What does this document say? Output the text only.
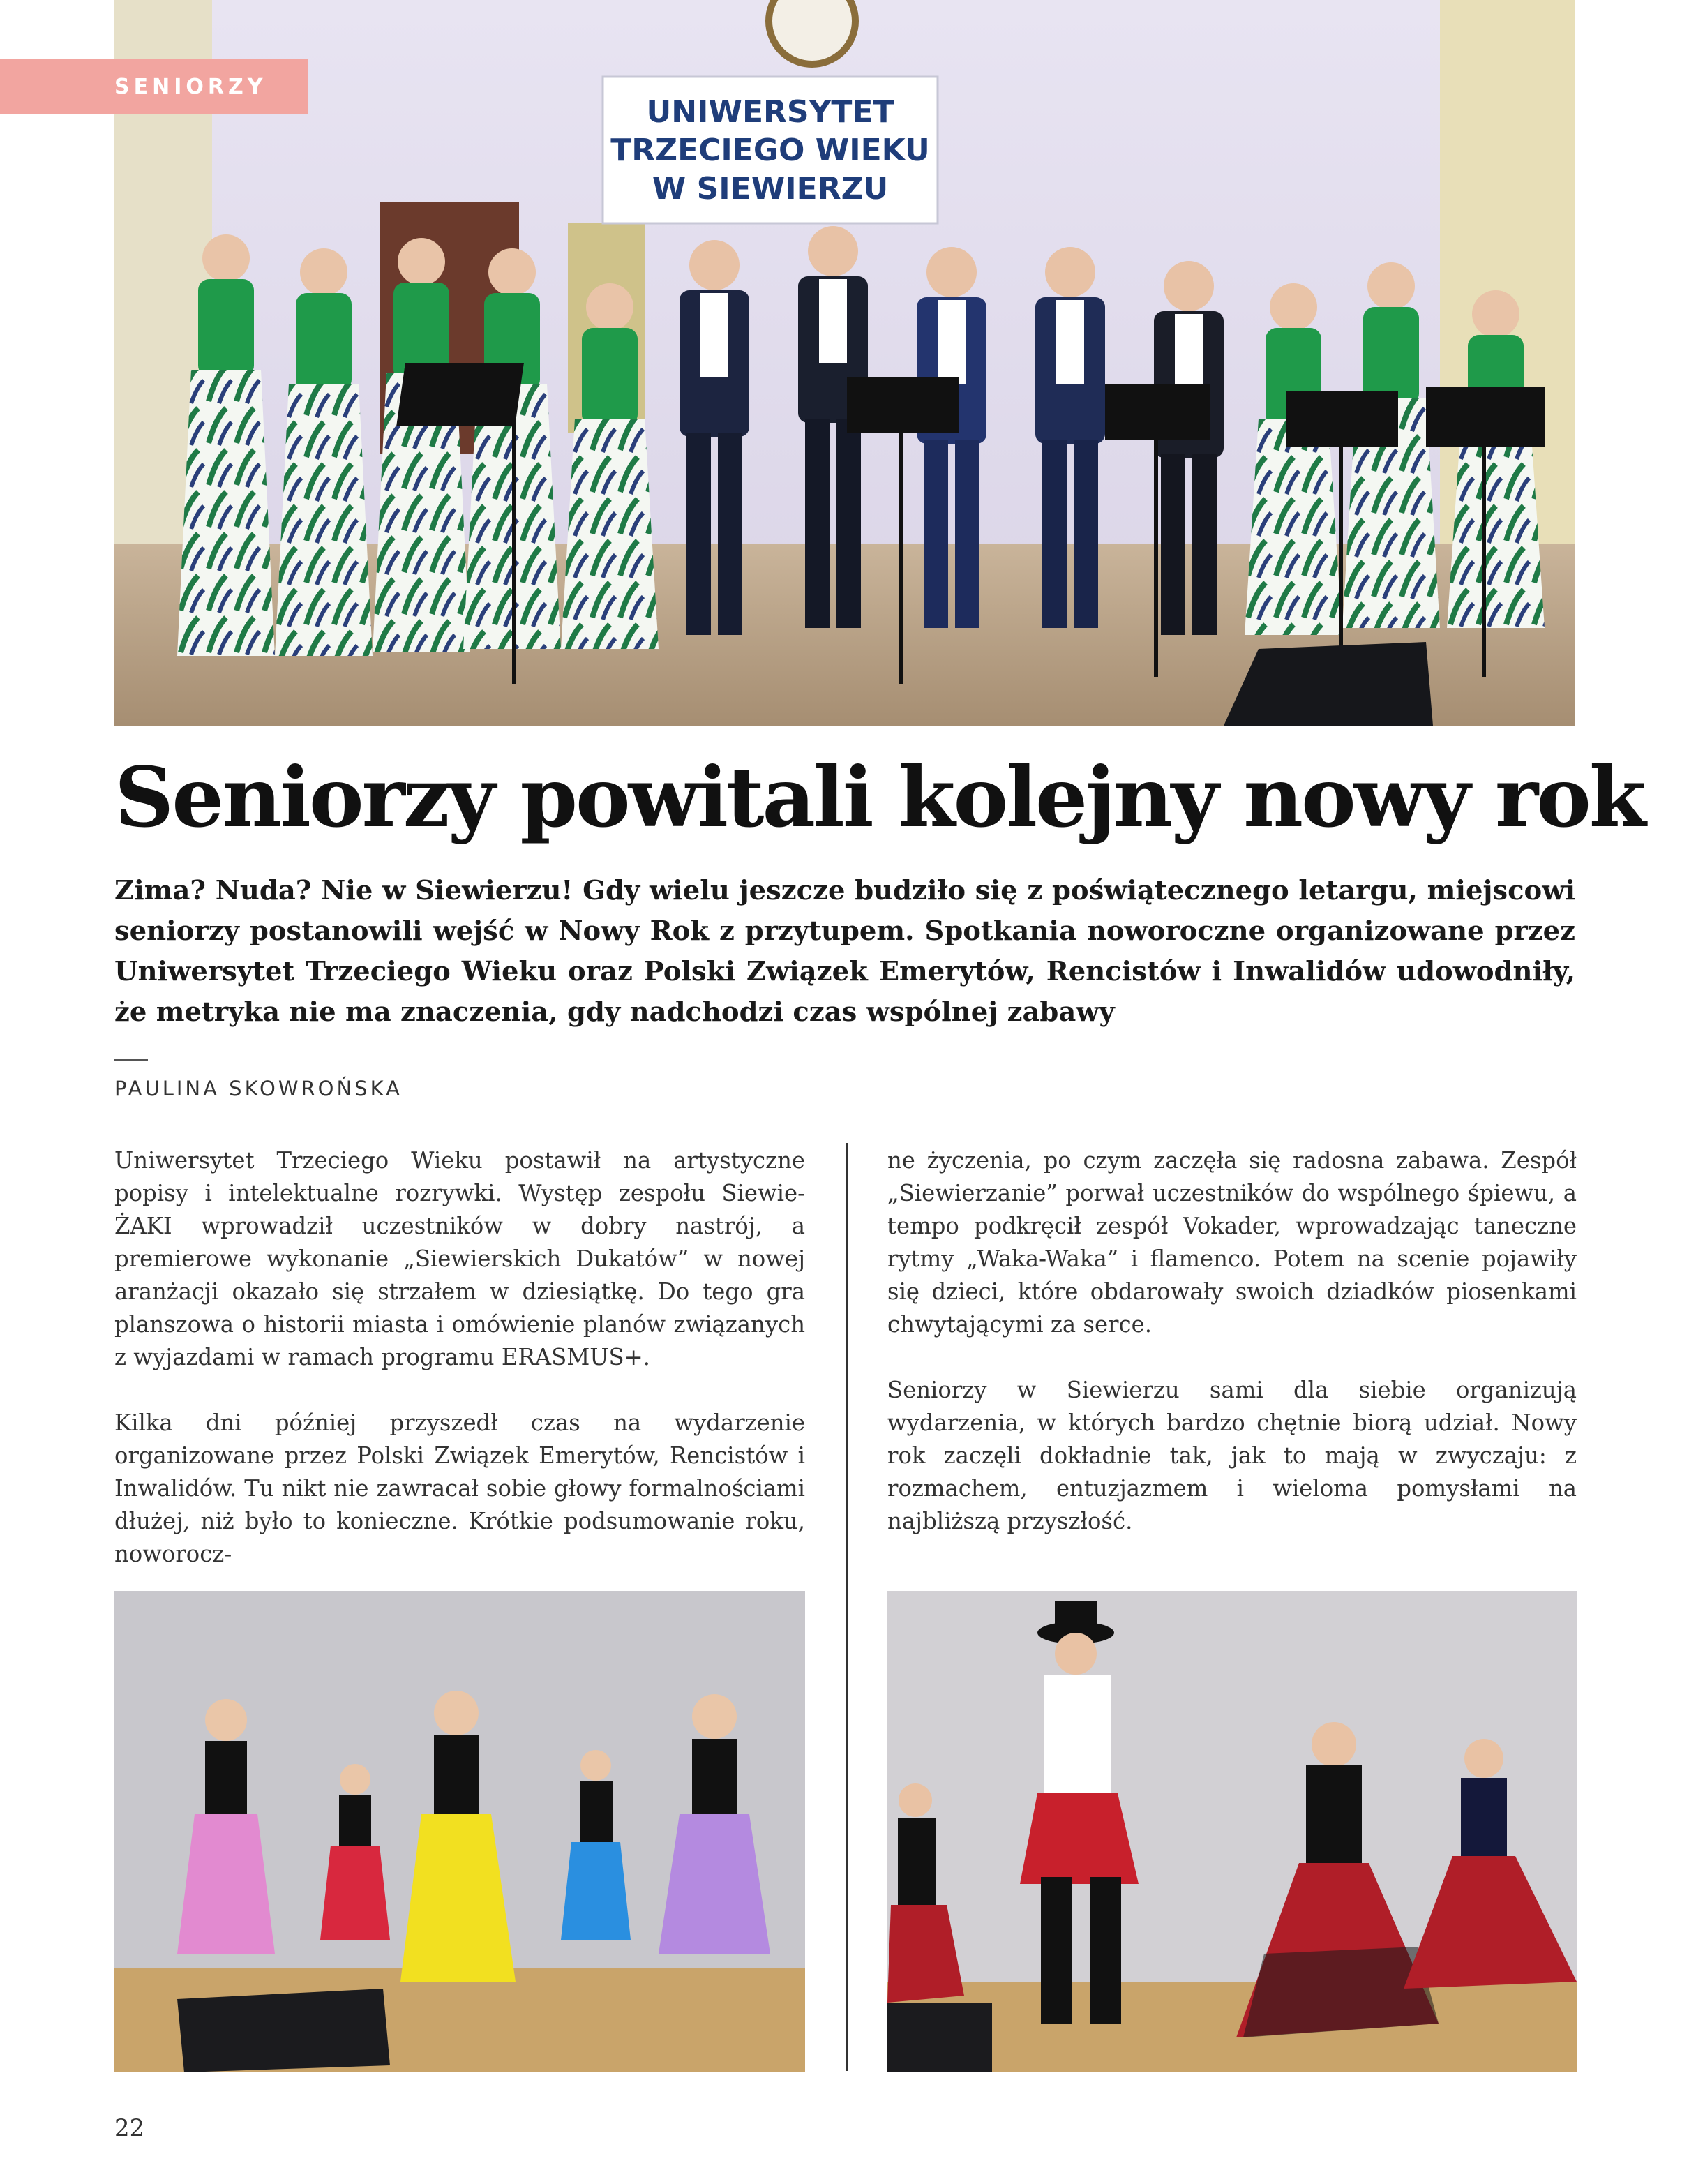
SENIORZY
UNIWERSYTET
TRZECIEGO WIEKU
W SIEWIERZU
Seniorzy powitali kolejny nowy rok

Zima? Nuda? Nie w Siewierzu! Gdy wielu jeszcze budziło się z poświątecznego letargu, miejscowi seniorzy postanowili wejść w Nowy Rok z przytupem. Spotkania noworoczne organizowane przez Uniwersytet Trzeciego Wieku oraz Polski Związek Emerytów, Rencistów i Inwalidów udowodniły, że metryka nie ma znaczenia, gdy nadchodzi czas wspólnej zabawy

PAULINA SKOWROŃSKA

Uniwersytet Trzeciego Wieku postawił na artystyczne popisy i intelektualne rozrywki. Występ zespołu Siewie-ŻAKI wprowadził uczestników w dobry nastrój, a premierowe wykonanie „Siewierskich Dukatów” w nowej aranżacji okazało się strzałem w dziesiątkę. Do tego gra planszowa o historii miasta i omówienie planów związanych z wyjazdami w ramach programu ERASMUS+.

Kilka dni później przyszedł czas na wydarzenie organizowane przez Polski Związek Emerytów, Rencistów i Inwalidów. Tu nikt nie zawracał sobie głowy formalnościami dłużej, niż było to konieczne. Krótkie podsumowanie roku, noworocz-

ne życzenia, po czym zaczęła się radosna zabawa. Zespół „Siewierzanie” porwał uczestników do wspólnego śpiewu, a tempo podkręcił zespół Vokader, wprowadzając taneczne rytmy „Waka-Waka” i flamenco. Potem na scenie pojawiły się dzieci, które obdarowały swoich dziadków piosenkami chwytającymi za serce.

Seniorzy w Siewierzu sami dla siebie organizują wydarzenia, w których bardzo chętnie biorą udział. Nowy rok zaczęli dokładnie tak, jak to mają w zwyczaju: z rozmachem, entuzjazmem i wieloma pomysłami na najbliższą przyszłość.

22
